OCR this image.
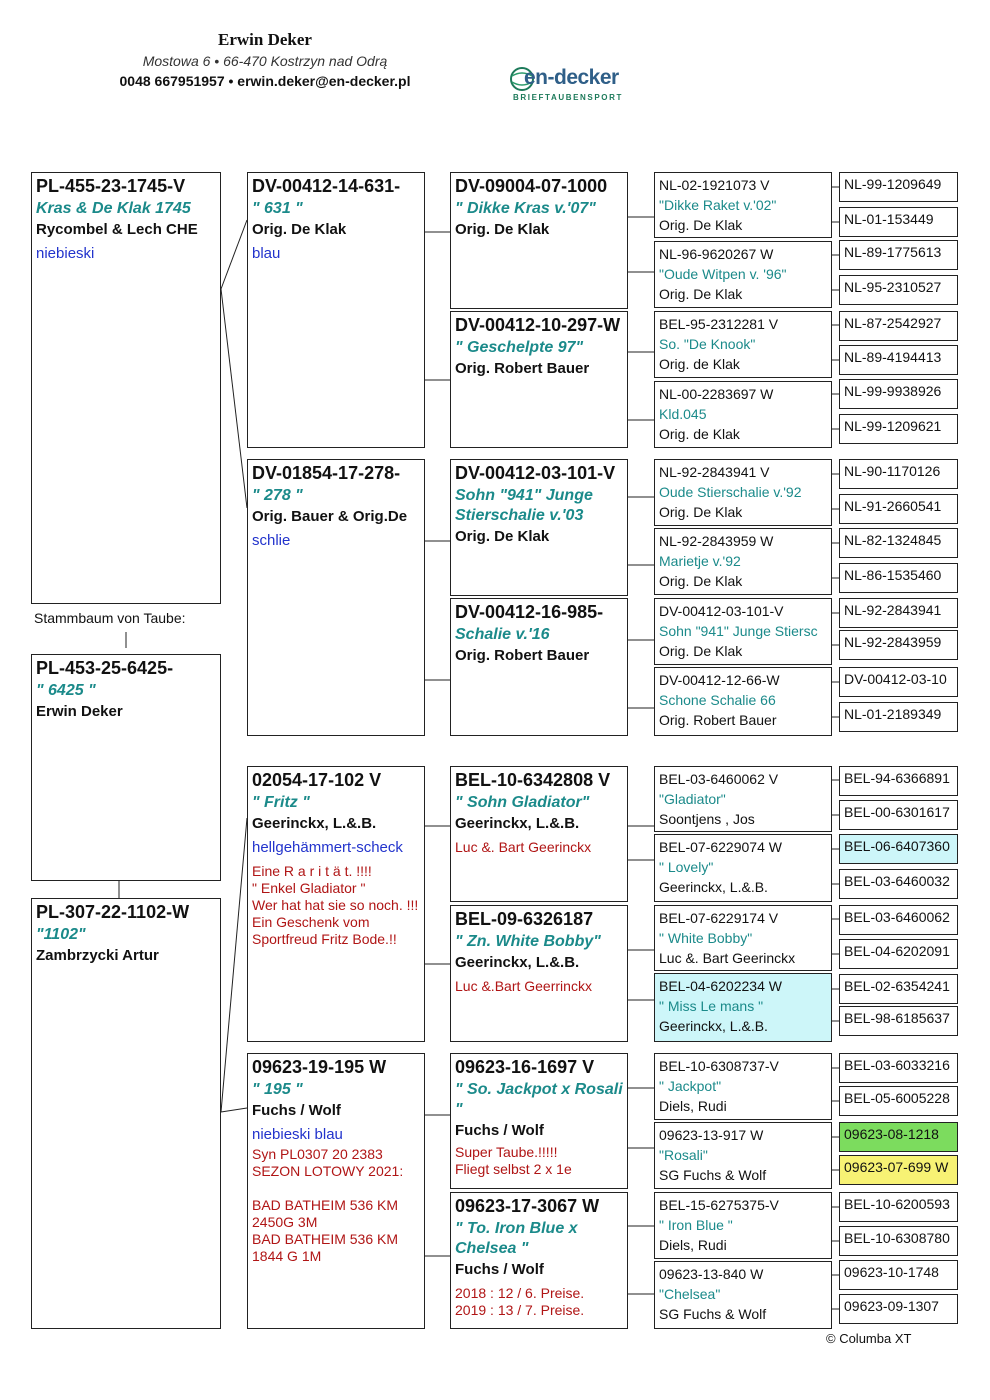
Erwin Deker
Mostowa 6 • 66-470 Kostrzyn nad Odrą
0048 667951957 • erwin.deker@en-decker.pl	en-decker
BRIEFTAUBENSPORT
PL-455-23-1745-V
Kras & De Klak 1745
Rycombel & Lech CHE
niebieski
Stammbaum von Taube:
PL-453-25-6425-
" 6425 "
Erwin Deker
PL-307-22-1102-W
"1102"
Zambrzycki Artur
DV-00412-14-631-
" 631 "
Orig. De Klak
blau
DV-01854-17-278-
" 278 "
Orig. Bauer & Orig.De
schlie
02054-17-102 V
" Fritz "
Geerinckx, L.&.B.
hellgehämmert-scheck
Eine R a r i t ä t. !!!!
" Enkel Gladiator "
Wer hat hat sie so noch. !!!
Ein Geschenk vom Sportfreud Fritz Bode.!!
09623-19-195 W
" 195 "
Fuchs / Wolf
niebieski blau
Syn PL0307 20 2383
SEZON LOTOWY 2021:
BAD BATHEIM 536 KM
2450G 3M
BAD BATHEIM 536 KM
1844 G 1M
DV-09004-07-1000
" Dikke Kras v.'07"
Orig. De Klak
DV-00412-10-297-W
" Geschelpte 97"
Orig. Robert Bauer
DV-00412-03-101-V
Sohn "941" Junge Stierschalie v.'03
Orig. De Klak
DV-00412-16-985-
Schalie v.'16
Orig. Robert Bauer
BEL-10-6342808 V
" Sohn Gladiator"
Geerinckx, L.&.B.
Luc &. Bart Geerinckx
BEL-09-6326187
" Zn. White Bobby"
Geerinckx, L.&.B.
Luc &.Bart Geerrinckx
09623-16-1697 V
" So. Jackpot x Rosali "
Fuchs / Wolf
Super Taube.!!!!!
Fliegt selbst 2 x 1e
09623-17-3067 W
" To. Iron Blue x Chelsea "
Fuchs / Wolf
2018 : 12 / 6. Preise.
2019 : 13 / 7. Preise.
NL-02-1921073 V
"Dikke Raket v.'02"
Orig. De Klak
NL-96-9620267 W
"Oude Witpen v. '96"
Orig. De Klak
BEL-95-2312281 V
So. "De Knook"
Orig. de Klak
NL-00-2283697 W
Kld.045
Orig. de Klak
NL-92-2843941 V
Oude Stierschalie v.'92
Orig. De Klak
NL-92-2843959 W
Marietje v.'92
Orig. De Klak
DV-00412-03-101-V
Sohn "941" Junge Stiersc
Orig. De Klak
DV-00412-12-66-W
Schone Schalie 66
Orig. Robert Bauer
BEL-03-6460062 V
"Gladiator"
Soontjens , Jos
BEL-07-6229074 W
" Lovely"
Geerinckx, L.&.B.
BEL-07-6229174 V
" White Bobby"
Luc &. Bart Geerinckx
BEL-04-6202234 W
" Miss Le mans "
Geerinckx, L.&.B.
BEL-10-6308737-V
" Jackpot"
Diels, Rudi
09623-13-917 W
"Rosali"
SG Fuchs & Wolf
BEL-15-6275375-V
" Iron Blue "
Diels, Rudi
09623-13-840 W
"Chelsea"
SG Fuchs & Wolf
NL-99-1209649
NL-01-153449
NL-89-1775613
NL-95-2310527
NL-87-2542927
NL-89-4194413
NL-99-9938926
NL-99-1209621
NL-90-1170126
NL-91-2660541
NL-82-1324845
NL-86-1535460
NL-92-2843941
NL-92-2843959
DV-00412-03-10
NL-01-2189349
BEL-94-6366891
BEL-00-6301617
BEL-06-6407360
BEL-03-6460032
BEL-03-6460062
BEL-04-6202091
BEL-02-6354241
BEL-98-6185637
BEL-03-6033216
BEL-05-6005228
09623-08-1218
09623-07-699 W
BEL-10-6200593
BEL-10-6308780
09623-10-1748
09623-09-1307
© Columba XT
